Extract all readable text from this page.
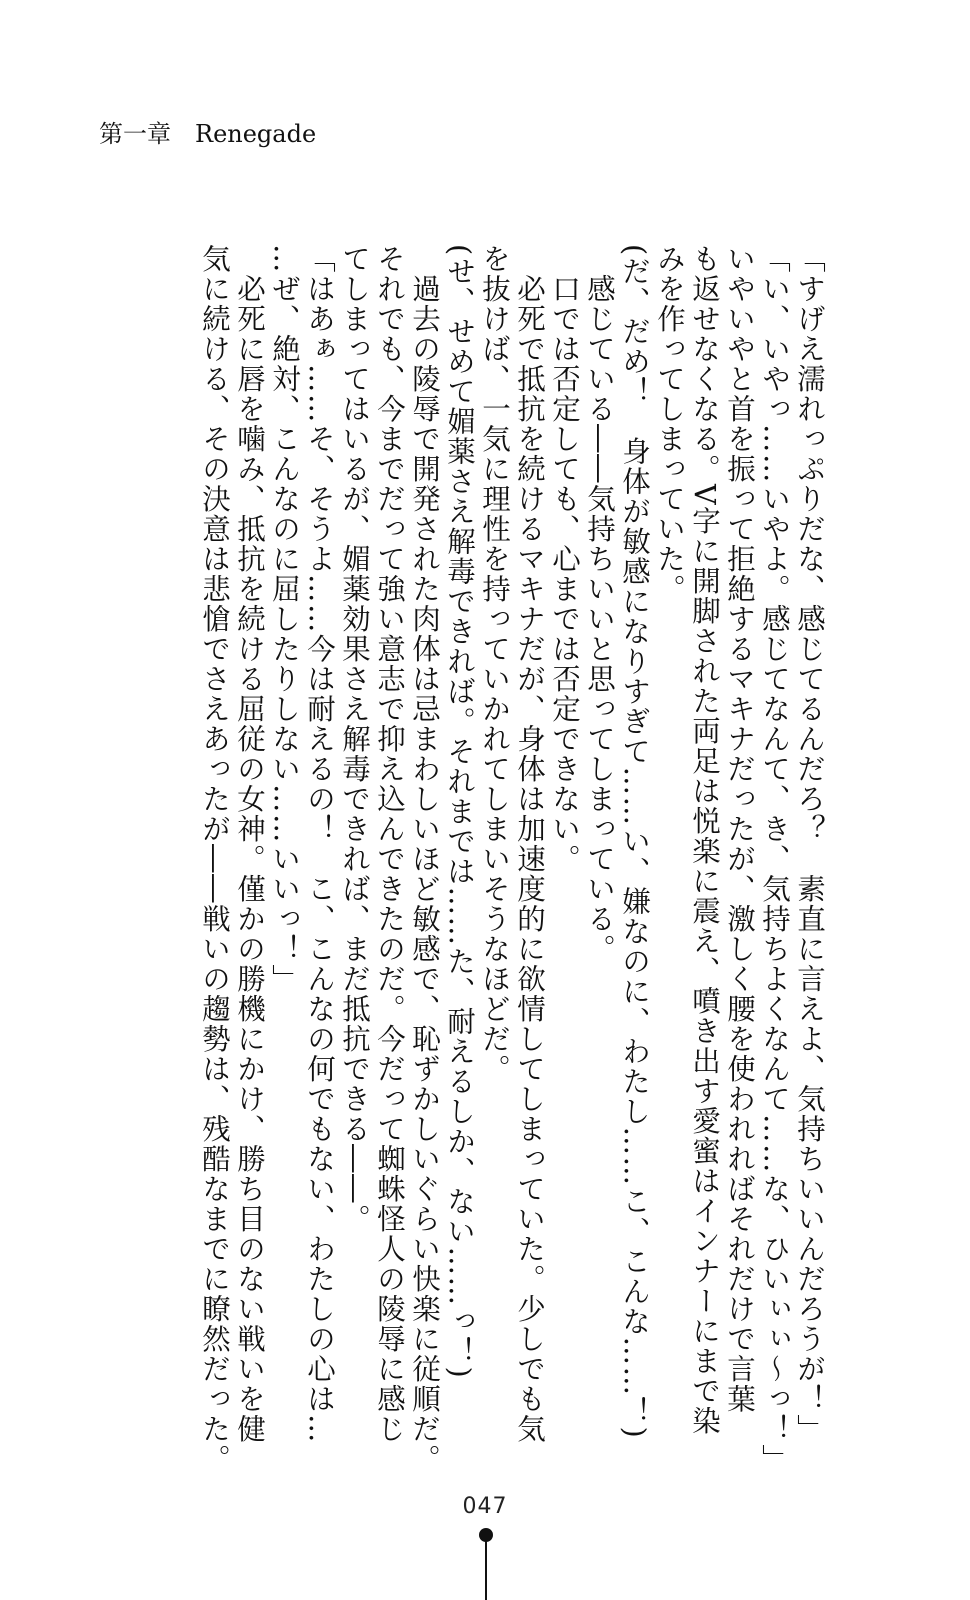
第一章 Renegade
「すげえ濡れっぷりだな、感じてるんだろ？　素直に言えよ、気持ちいいんだろうが！」
「い、いやっ……いやよ。感じてなんて、き、気持ちよくなんて……な、ひいぃぃ〜っ！」
いやいやと首を振って拒絶するマキナだったが、激しく腰を使われればそれだけで言葉
も返せなくなる。V字に開脚された両足は悦楽に震え、噴き出す愛蜜はインナーにまで染
みを作ってしまっていた。
(だ、だめ！　身体が敏感になりすぎて……い、嫌なのに、わたし……こ、こんな……！)
　感じている――気持ちいいと思ってしまっている。
　口では否定しても、心までは否定できない。
　必死で抵抗を続けるマキナだが、身体は加速度的に欲情してしまっていた。少しでも気
を抜けば、一気に理性を持っていかれてしまいそうなほどだ。
(せ、せめて媚薬さえ解毒できれば。それまでは……た、耐えるしか、ない……っ！)
　過去の陵辱で開発された肉体は忌まわしいほど敏感で、恥ずかしいぐらい快楽に従順だ。
それでも、今までだって強い意志で抑え込んできたのだ。今だって蜘蛛怪人の陵辱に感じ
てしまってはいるが、媚薬効果さえ解毒できれば、まだ抵抗できる――。
「はあぁ……そ、そうよ……今は耐えるの！　こ、こんなの何でもない、わたしの心は…
…ぜ、絶対、こんなのに屈したりしない……いいっ！」
　必死に唇を噛み、抵抗を続ける屈従の女神。僅かの勝機にかけ、勝ち目のない戦いを健
気に続ける、その決意は悲愴でさえあったが――戦いの趨勢は、残酷なまでに瞭然だった。
047
